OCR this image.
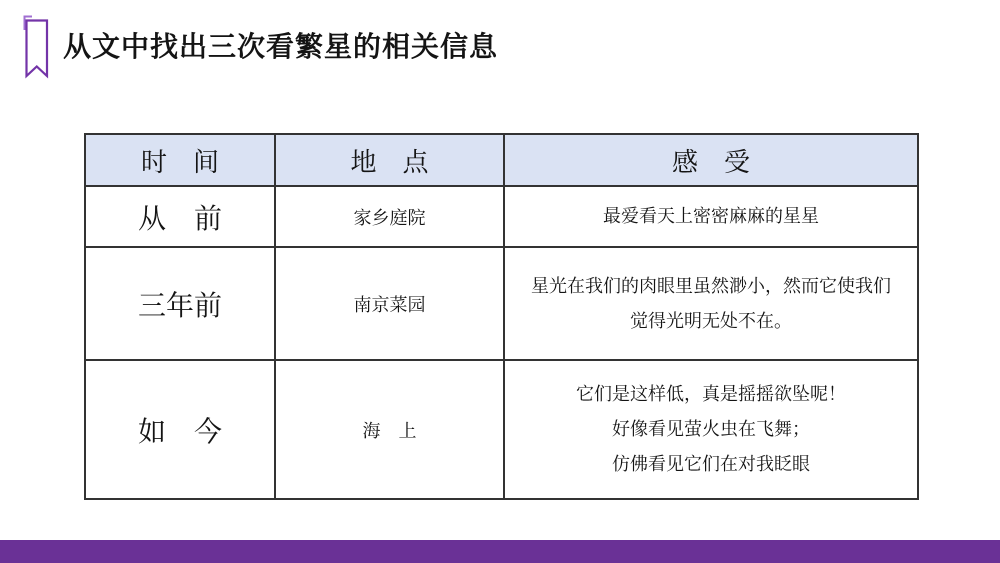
从文中找出三次看繁星的相关信息
时　间	地　点	感　受
从　前	家乡庭院	最爱看天上密密麻麻的星星

三年前	南京菜园	星光在我们的肉眼里虽然渺小，然而它使我们
觉得光明无处不在。

如　今	海　上	它们是这样低，真是摇摇欲坠呢！
好像看见萤火虫在飞舞；
仿佛看见它们在对我眨眼
